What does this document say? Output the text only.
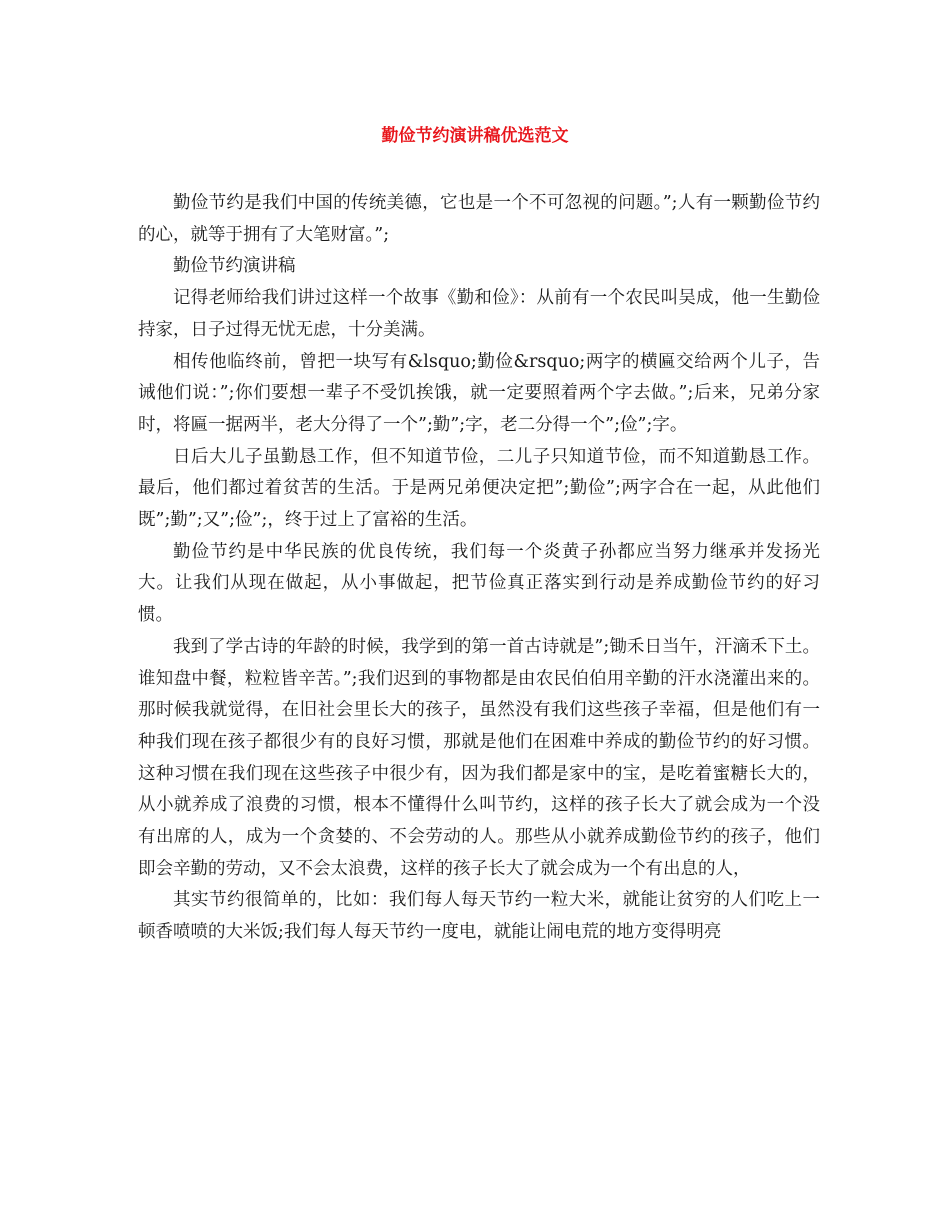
勤俭节约演讲稿优选范文

勤俭节约是我们中国的传统美德，它也是一个不可忽视的问题。”;人有一颗勤俭节约的心，就等于拥有了大笔财富。”;

勤俭节约演讲稿

记得老师给我们讲过这样一个故事《勤和俭》：从前有一个农民叫吴成，他一生勤俭持家，日子过得无忧无虑，十分美满。

相传他临终前，曾把一块写有&lsquo;勤俭&rsquo;两字的横匾交给两个儿子，告诫他们说：”;你们要想一辈子不受饥挨饿，就一定要照着两个字去做。”;后来，兄弟分家时，将匾一据两半，老大分得了一个”;勤”;字，老二分得一个”;俭”;字。

日后大儿子虽勤恳工作，但不知道节俭，二儿子只知道节俭，而不知道勤恳工作。最后，他们都过着贫苦的生活。于是两兄弟便决定把”;勤俭”;两字合在一起，从此他们既”;勤”;又”;俭”;，终于过上了富裕的生活。

勤俭节约是中华民族的优良传统，我们每一个炎黄子孙都应当努力继承并发扬光大。让我们从现在做起，从小事做起，把节俭真正落实到行动是养成勤俭节约的好习惯。

我到了学古诗的年龄的时候，我学到的第一首古诗就是”;锄禾日当午，汗滴禾下土。谁知盘中餐，粒粒皆辛苦。”;我们迟到的事物都是由农民伯伯用辛勤的汗水浇灌出来的。那时候我就觉得，在旧社会里长大的孩子，虽然没有我们这些孩子幸福，但是他们有一种我们现在孩子都很少有的良好习惯，那就是他们在困难中养成的勤俭节约的好习惯。这种习惯在我们现在这些孩子中很少有，因为我们都是家中的宝，是吃着蜜糖长大的，从小就养成了浪费的习惯，根本不懂得什么叫节约，这样的孩子长大了就会成为一个没有出席的人，成为一个贪婪的、不会劳动的人。那些从小就养成勤俭节约的孩子，他们即会辛勤的劳动，又不会太浪费，这样的孩子长大了就会成为一个有出息的人，

其实节约很简单的，比如：我们每人每天节约一粒大米，就能让贫穷的人们吃上一顿香喷喷的大米饭;我们每人每天节约一度电，就能让闹电荒的地方变得明亮
